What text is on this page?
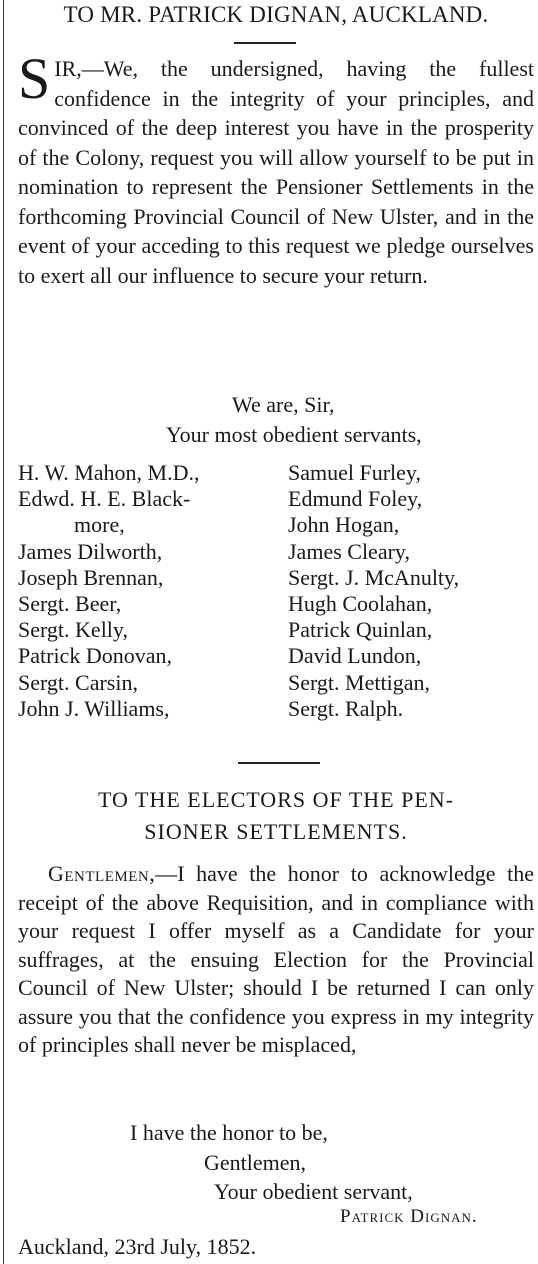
TO MR. PATRICK DIGNAN, AUCKLAND.

SIR,—We, the undersigned, having the fullest confidence in the integrity of your principles, and convinced of the deep interest you have in the prosperity of the Colony, request you will allow yourself to be put in nomination to represent the Pensioner Settlements in the forthcoming Provincial Council of New Ulster, and in the event of your acceding to this request we pledge ourselves to exert all our influence to secure your return.

We are, Sir,
Your most obedient servants,
H. W. Mahon, M.D.,
Edwd. H. E. Black-
more,
James Dilworth,
Joseph Brennan,
Sergt. Beer,
Sergt. Kelly,
Patrick Donovan,
Sergt. Carsin,
John J. Williams,
Samuel Furley,
Edmund Foley,
John Hogan,
James Cleary,
Sergt. J. McAnulty,
Hugh Coolahan,
Patrick Quinlan,
David Lundon,
Sergt. Mettigan,
Sergt. Ralph.
TO THE ELECTORS OF THE PEN-
SIONER SETTLEMENTS.

Gentlemen,—I have the honor to acknowledge the receipt of the above Requisition, and in compliance with your request I offer myself as a Candidate for your suffrages, at the ensuing Election for the Provincial Council of New Ulster; should I be returned I can only assure you that the confidence you express in my integrity of principles shall never be misplaced,

I have the honor to be,
Gentlemen,
Your obedient servant,
Patrick Dignan.
Auckland, 23rd July, 1852.
